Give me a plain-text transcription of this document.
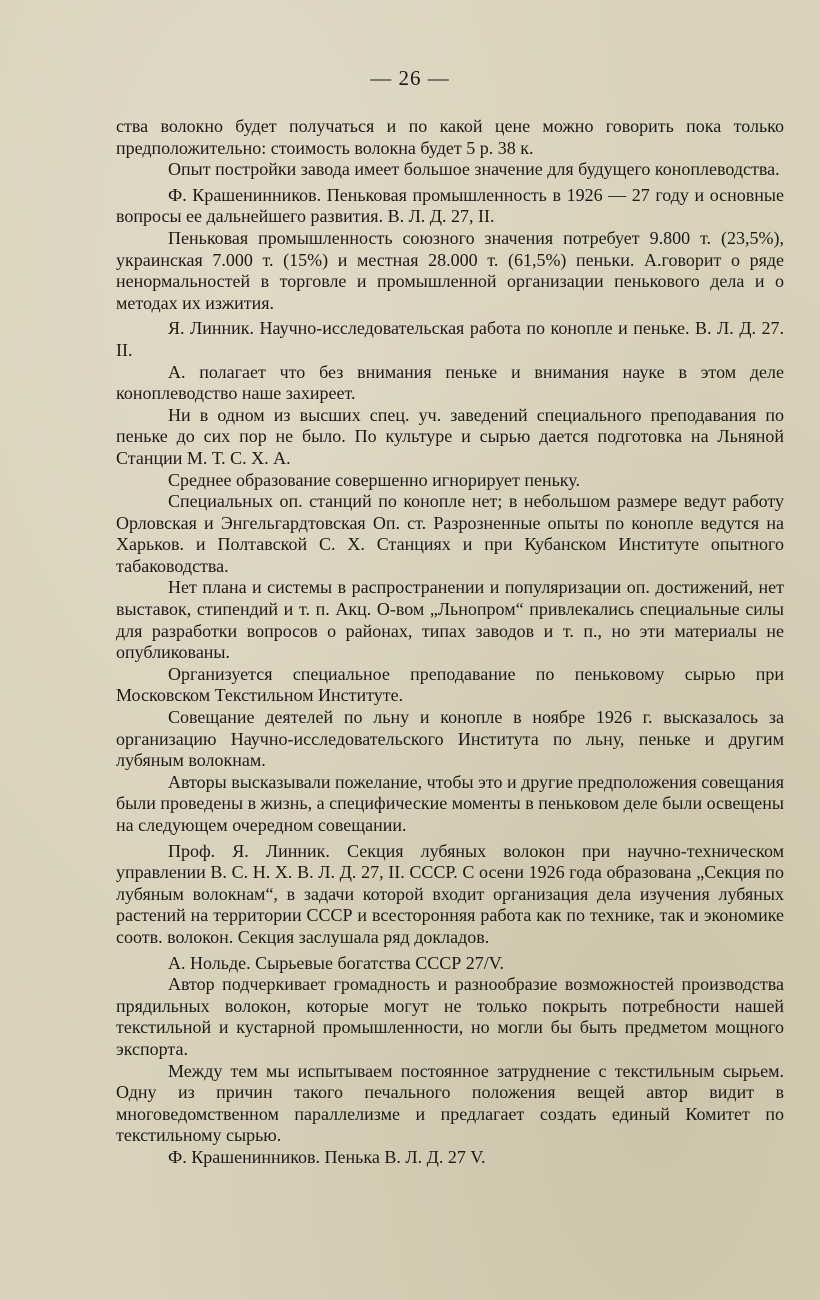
— 26 —

ства волокно будет получаться и по какой цене можно говорить пока только предположительно: стоимость волокна будет 5 р. 38 к.

Опыт постройки завода имеет большое значение для будущего коноплеводства.

Ф. Крашенинников. Пеньковая промышленность в 1926 — 27 году и основные вопросы ее дальнейшего развития. В. Л. Д. 27, II.

Пеньковая промышленность союзного значения потребует 9.800 т. (23,5%), украинская 7.000 т. (15%) и местная 28.000 т. (61,5%) пеньки. А.говорит о ряде ненормальностей в торговле и промышленной организации пенькового дела и о методах их изжития.

Я. Линник. Научно-исследовательская работа по конопле и пеньке. В. Л. Д. 27. II.

А. полагает что без внимания пеньке и внимания науке в этом деле коноплеводство наше захиреет.

Ни в одном из высших спец. уч. заведений специального преподавания по пеньке до сих пор не было. По культуре и сырью дается подготовка на Льняной Станции М. Т. С. Х. А.

Среднее образование совершенно игнорирует пеньку.

Специальных оп. станций по конопле нет; в небольшом размере ведут работу Орловская и Энгельгардтовская Оп. ст. Разрозненные опыты по конопле ведутся на Харьков. и Полтавской С. Х. Станциях и при Кубанском Институте опытного табаководства.

Нет плана и системы в распространении и популяризации оп. достижений, нет выставок, стипендий и т. п. Акц. О-вом „Льнопром“ привлекались специальные силы для разработки вопросов о районах, типах заводов и т. п., но эти материалы не опубликованы.

Организуется специальное преподавание по пеньковому сырью при Московском Текстильном Институте.

Совещание деятелей по льну и конопле в ноябре 1926 г. высказалось за организацию Научно-исследовательского Института по льну, пеньке и другим лубяным волокнам.

Авторы высказывали пожелание, чтобы это и другие предположения совещания были проведены в жизнь, а специфические моменты в пеньковом деле были освещены на следующем очередном совещании.

Проф. Я. Линник. Секция лубяных волокон при научно-техническом управлении В. С. Н. Х. В. Л. Д. 27, II. СССР. С осени 1926 года образована „Секция по лубяным волокнам“, в задачи которой входит организация дела изучения лубяных растений на территории СССР и всесторонняя работа как по технике, так и экономике соотв. волокон. Секция заслушала ряд докладов.

А. Нольде. Сырьевые богатства СССР 27/V.

Автор подчеркивает громадность и разнообразие возможностей производства прядильных волокон, которые могут не только покрыть потребности нашей текстильной и кустарной промышленности, но могли бы быть предметом мощного экспорта.

Между тем мы испытываем постоянное затруднение с текстильным сырьем. Одну из причин такого печального положения вещей автор видит в многоведомственном параллелизме и предлагает создать единый Комитет по текстильному сырью.

Ф. Крашенинников. Пенька В. Л. Д. 27 V.
